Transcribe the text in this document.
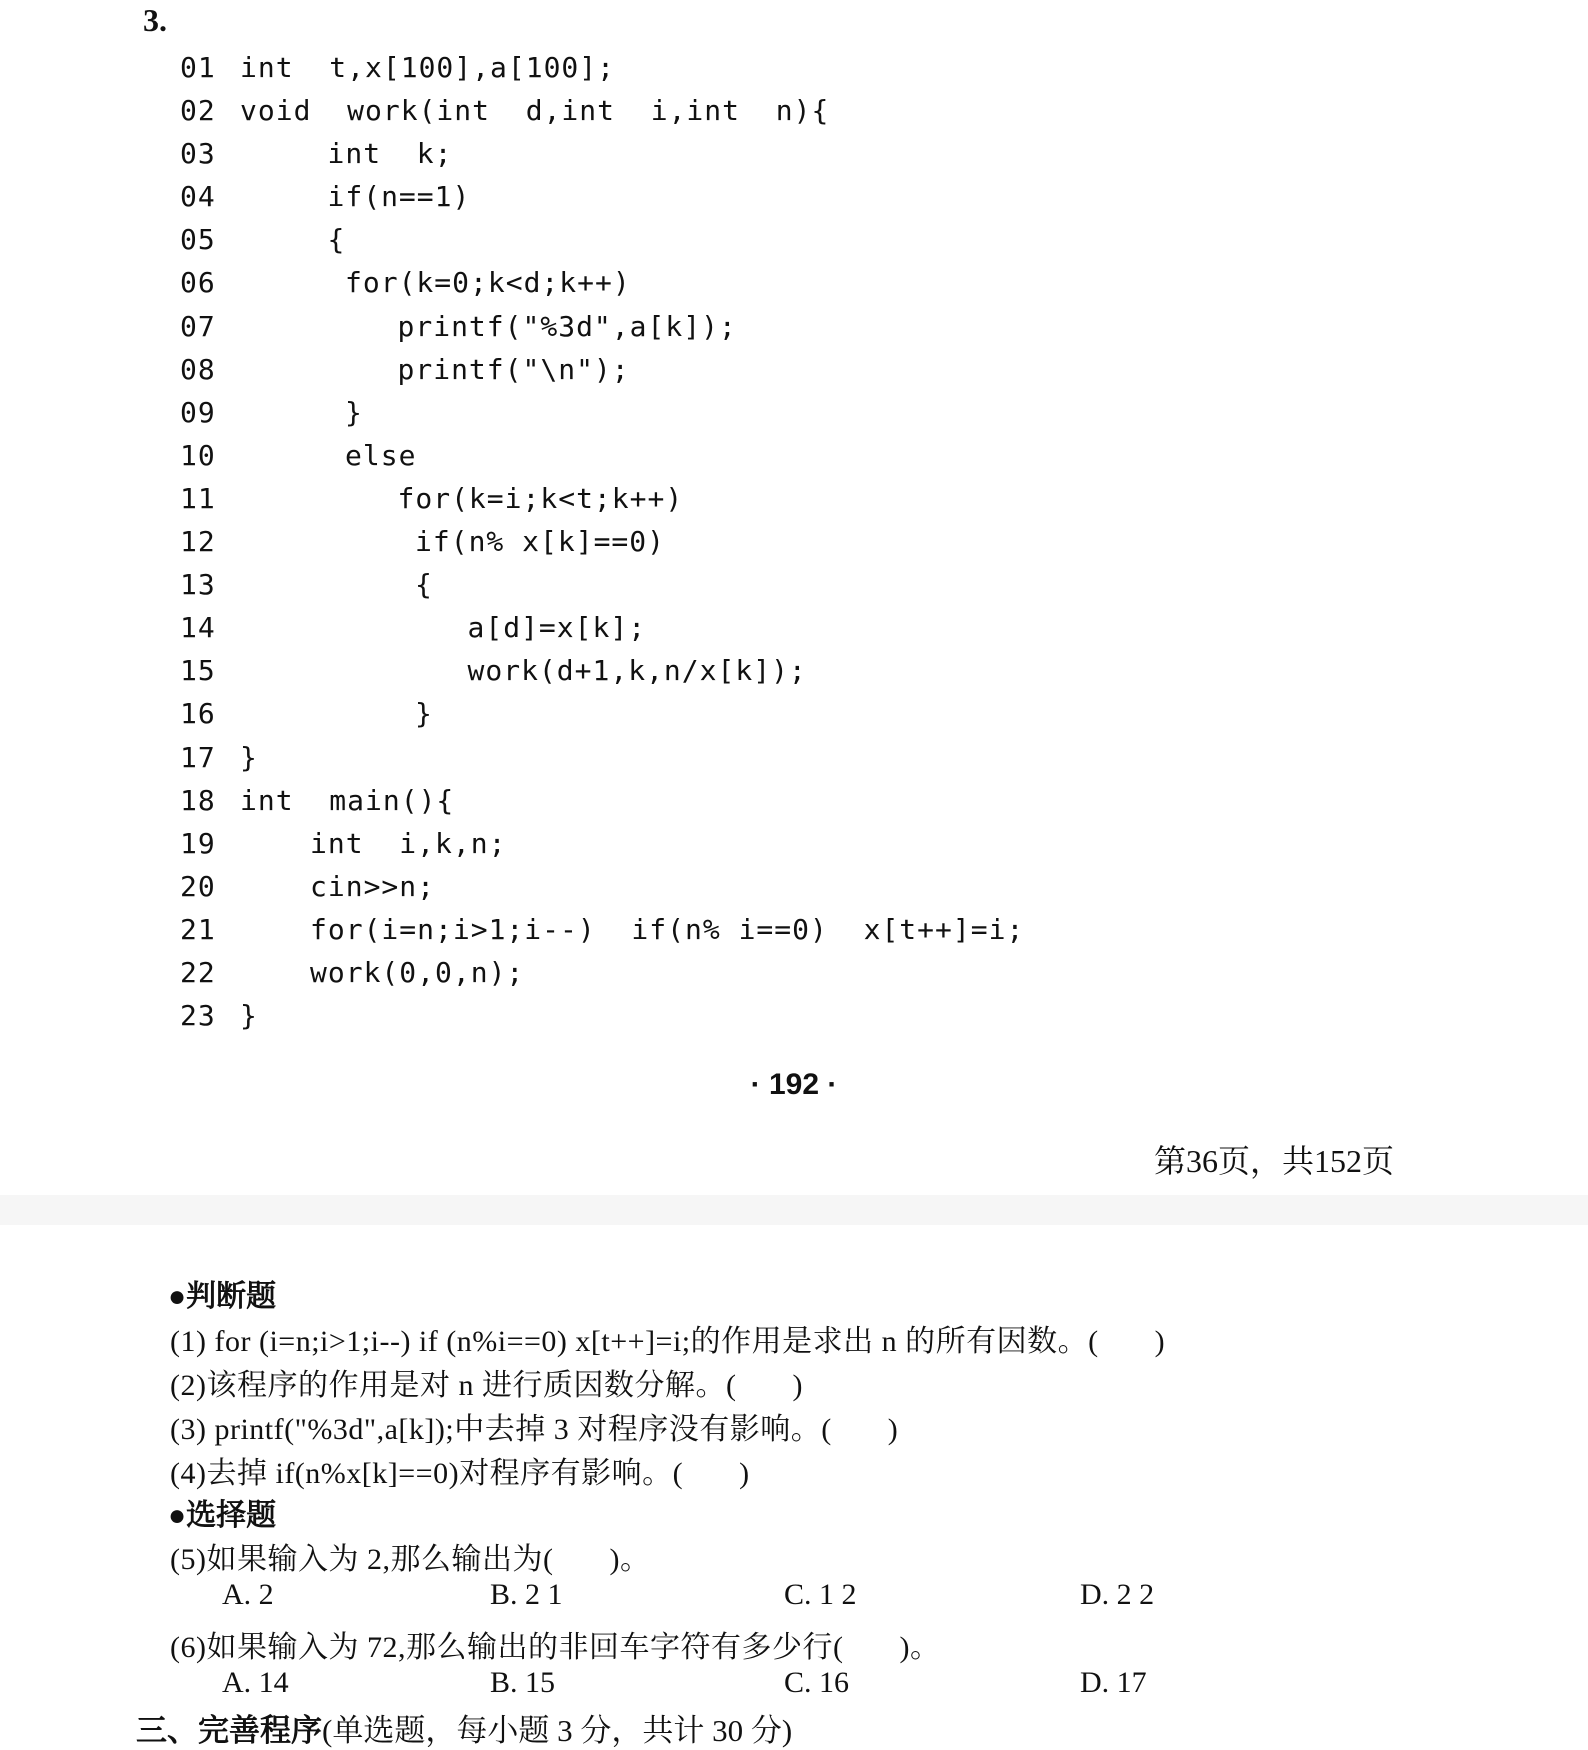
3.
01 int  t,x[100],a[100];
02 void  work(int  d,int  i,int  n){
03	int  k;
04	if(n==1)
05	{
06	for(k=0;k<d;k++)
07	printf("%3d",a[k]);
08	printf("\n");
09	}
10	else
11	for(k=i;k<t;k++)
12	if(n% x[k]==0)
13	{
14	a[d]=x[k];
15	work(d+1,k,n/x[k]);
16	}
17 }
18 int  main(){
19	int  i,k,n;
20	cin>>n;
21	for(i=n;i>1;i--)  if(n% i==0)  x[t++]=i;
22	work(0,0,n);
23 }
· 192 ·
第36页，共152页
●判断题
(1) for (i=n;i>1;i--) if (n%i==0) x[t++]=i;的作用是求出 n 的所有因数。(       )
(2)该程序的作用是对 n 进行质因数分解。(       )
(3) printf("%3d",a[k]);中去掉 3 对程序没有影响。(       )
(4)去掉 if(n%x[k]==0)对程序有影响。(       )
●选择题
(5)如果输入为 2,那么输出为(       )。
A. 2	B. 2 1	C. 1 2	D. 2 2
(6)如果输入为 72,那么输出的非回车字符有多少行(       )。
A. 14	B. 15	C. 16	D. 17
三、完善程序(单选题，每小题 3 分，共计 30 分)
